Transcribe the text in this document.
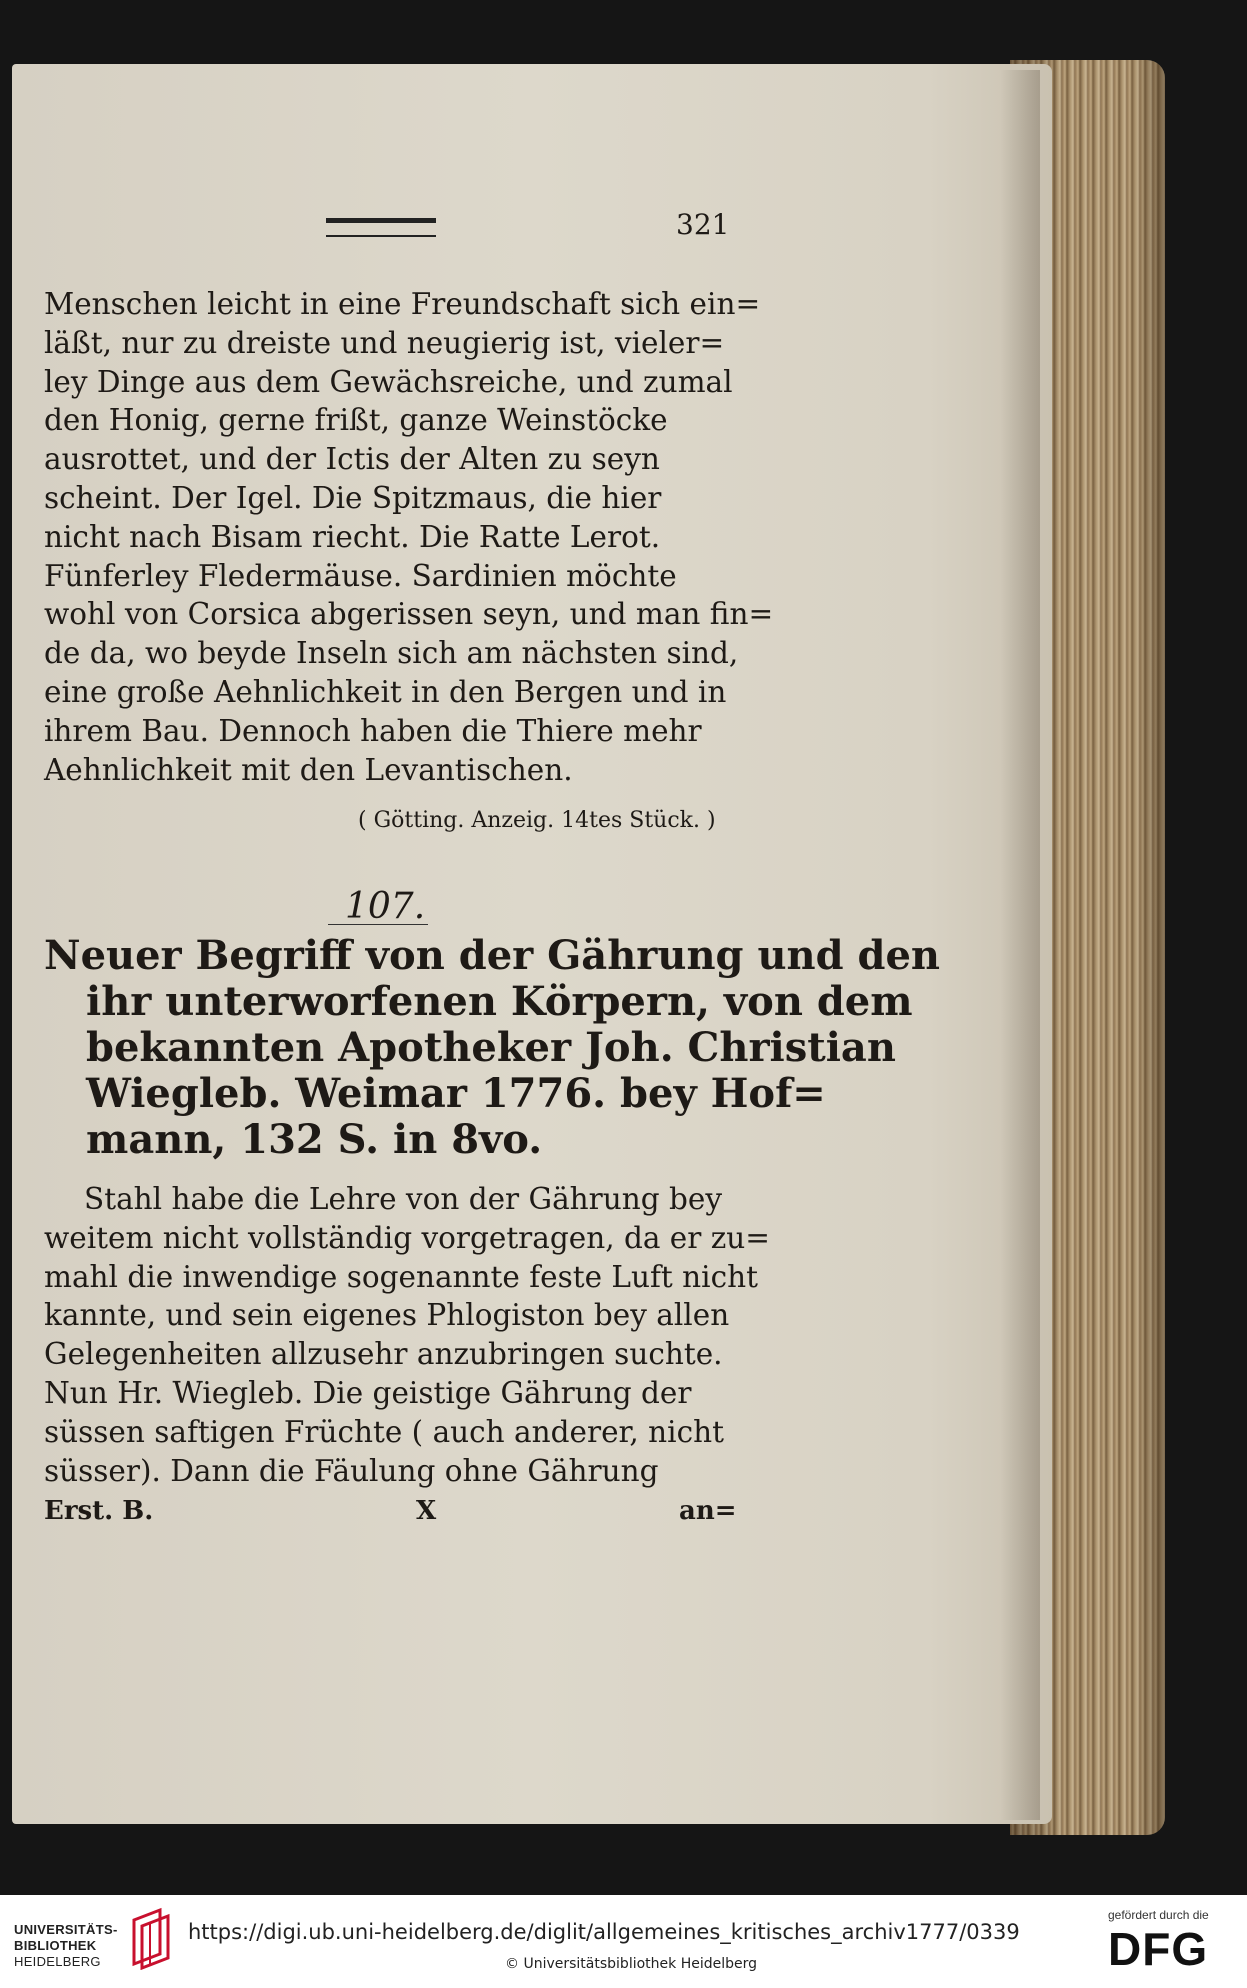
321
Menschen leicht in eine Freundschaft sich ein=
läßt, nur zu dreiste und neugierig ist, vieler=
ley Dinge aus dem Gewächsreiche, und zumal
den Honig, gerne frißt, ganze Weinstöcke
ausrottet, und der Ictis der Alten zu seyn
scheint. Der Igel. Die Spitzmaus, die hier
nicht nach Bisam riecht. Die Ratte Lerot.
Fünferley Fledermäuse. Sardinien möchte
wohl von Corsica abgerissen seyn, und man fin=
de da, wo beyde Inseln sich am nächsten sind,
eine große Aehnlichkeit in den Bergen und in
ihrem Bau. Dennoch haben die Thiere mehr
Aehnlichkeit mit den Levantischen.
( Götting. Anzeig. 14tes Stück. )
107.
Neuer Begriff von der Gährung und den
ihr unterworfenen Körpern, von dem
bekannten Apotheker Joh. Christian
Wiegleb. Weimar 1776. bey Hof=
mann, 132 S. in 8vo.
Stahl habe die Lehre von der Gährung bey
weitem nicht vollständig vorgetragen, da er zu=
mahl die inwendige sogenannte feste Luft nicht
kannte, und sein eigenes Phlogiston bey allen
Gelegenheiten allzusehr anzubringen suchte.
Nun Hr. Wiegleb. Die geistige Gährung der
süssen saftigen Früchte ( auch anderer, nicht
süsser). Dann die Fäulung ohne Gährung
Erst. B.	X	an=
UNIVERSITÄTS-
BIBLIOTHEK
HEIDELBERG
https://digi.ub.uni-heidelberg.de/diglit/allgemeines_kritisches_archiv1777/0339
© Universitätsbibliothek Heidelberg
gefördert durch die
DFG
